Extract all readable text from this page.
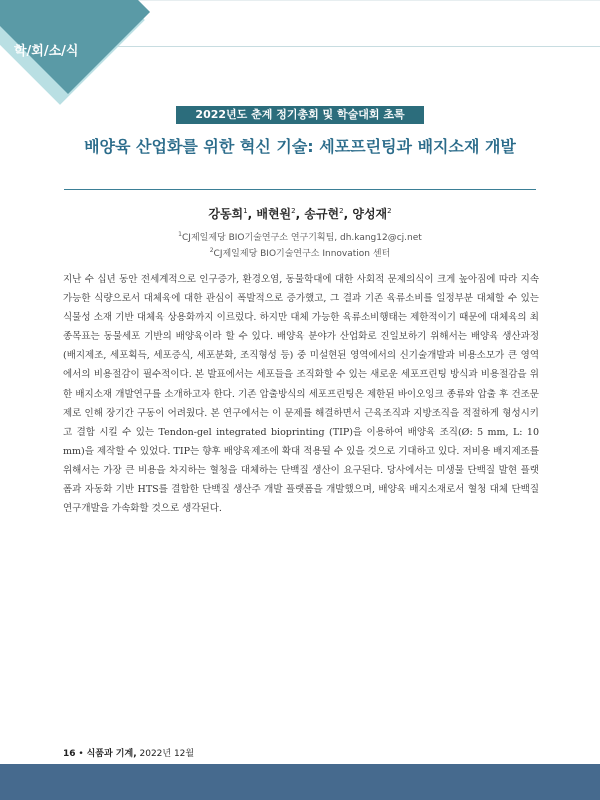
학/회/소/식
2022년도 춘계 정기총회 및 학술대회 초록
배양육 산업화를 위한 혁신 기술: 세포프린팅과 배지소재 개발
강동희$^1$, 배현원$^2$, 송규현$^2$, 양성재$^2$
$^1$CJ제일제당 BIO기술연구소 연구기획팀, dh.kang12@cj.net
$^2$CJ제일제당 BIO기술연구소 Innovation 센터

지난 수 십년 동안 전세계적으로 인구증가, 환경오염, 동물학대에 대한 사회적 문제의식이 크게 높아짐에 따라 지속가능한 식량으로서 대체육에 대한 관심이 폭발적으로 증가했고, 그 결과 기존 육류소비를 일정부분 대체할 수 있는 식물성 소재 기반 대체육 상용화까지 이르렀다. 하지만 대체 가능한 육류소비행태는 제한적이기 때문에 대체육의 최종목표는 동물세포 기반의 배양육이라 할 수 있다. 배양육 분야가 산업화로 진일보하기 위해서는 배양육 생산과정(배지제조, 세포획득, 세포증식, 세포분화, 조직형성 등) 중 미설현된 영역에서의 신기술개발과 비용소모가 큰 영역에서의 비용절감이 필수적이다. 본 발표에서는 세포들을 조직화할 수 있는 새로운 세포프린팅 방식과 비용절감을 위한 배지소재 개발연구를 소개하고자 한다. 기존 압출방식의 세포프린팅은 제한된 바이오잉크 종류와 압출 후 건조문제로 인해 장기간 구동이 어려웠다. 본 연구에서는 이 문제를 해결하면서 근육조직과 지방조직을 적절하게 형성시키고 결합 시킬 수 있는 Tendon-gel integrated bioprinting (TIP)을 이용하여 배양육 조직(Ø: 5 mm, L: 10 mm)을 제작할 수 있었다. TIP는 향후 배양육제조에 확대 적용될 수 있을 것으로 기대하고 있다. 저비용 배지제조를 위해서는 가장 큰 비용을 차지하는 혈청을 대체하는 단백질 생산이 요구된다. 당사에서는 미생물 단백질 발현 플랫폼과 자동화 기반 HTS를 결합한 단백질 생산주 개발 플랫폼을 개발했으며, 배양육 배지소재로서 혈청 대체 단백질 연구개발을 가속화할 것으로 생각된다.

16 • 식품과 기계, 2022년 12월
